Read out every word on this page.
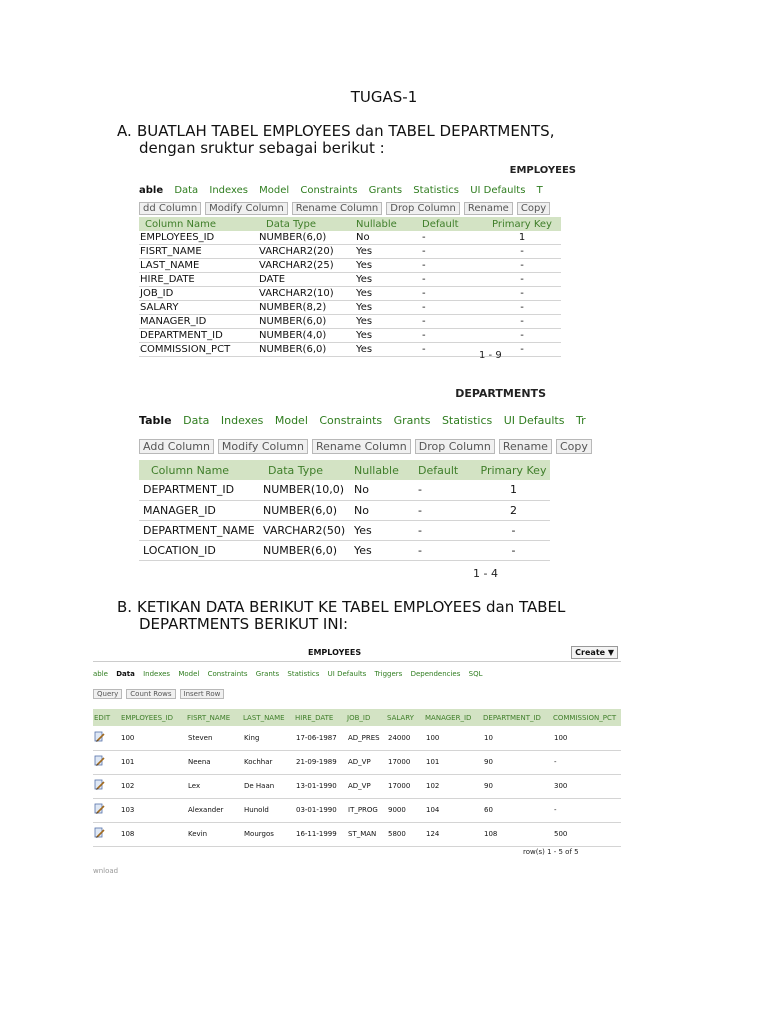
TUGAS-1
A. BUATLAH TABEL EMPLOYEES dan TABEL DEPARTMENTS,
dengan sruktur sebagai berikut :
EMPLOYEES
able Data Indexes Model Constraints Grants Statistics UI Defaults T
dd Column Modify Column Rename Column Drop Column Rename Copy
Column Name	Data Type	Nullable	Default	Primary Key
EMPLOYEES_ID	NUMBER(6,0)	No	-	1
FISRT_NAME	VARCHAR2(20)	Yes	-	-
LAST_NAME	VARCHAR2(25)	Yes	-	-
HIRE_DATE	DATE	Yes	-	-
JOB_ID	VARCHAR2(10)	Yes	-	-
SALARY	NUMBER(8,2)	Yes	-	-
MANAGER_ID	NUMBER(6,0)	Yes	-	-
DEPARTMENT_ID	NUMBER(4,0)	Yes	-	-
COMMISSION_PCT	NUMBER(6,0)	Yes	-	-
1 - 9
DEPARTMENTS
Table Data Indexes Model Constraints Grants Statistics UI Defaults Tr
Add Column Modify Column Rename Column Drop Column Rename Copy
Column Name	Data Type	Nullable	Default	Primary Key
DEPARTMENT_ID	NUMBER(10,0)	No	-	1
MANAGER_ID	NUMBER(6,0)	No	-	2
DEPARTMENT_NAME	VARCHAR2(50)	Yes	-	-
LOCATION_ID	NUMBER(6,0)	Yes	-	-
1 - 4
B. KETIKAN DATA BERIKUT KE TABEL EMPLOYEES dan TABEL
DEPARTMENTS BERIKUT INI:
EMPLOYEES	Create ▼
able Data Indexes Model Constraints Grants Statistics UI Defaults Triggers Dependencies SQL
Query Count Rows Insert Row
EDIT	EMPLOYEES_ID	FISRT_NAME	LAST_NAME	HIRE_DATE	JOB_ID	SALARY	MANAGER_ID	DEPARTMENT_ID	COMMISSION_PCT
	100	Steven	King	17-06-1987	AD_PRES	24000	100	10	100
	101	Neena	Kochhar	21-09-1989	AD_VP	17000	101	90	-
	102	Lex	De Haan	13-01-1990	AD_VP	17000	102	90	300
	103	Alexander	Hunold	03-01-1990	IT_PROG	9000	104	60	-
	108	Kevin	Mourgos	16-11-1999	ST_MAN	5800	124	108	500
row(s) 1 - 5 of 5
wnload
